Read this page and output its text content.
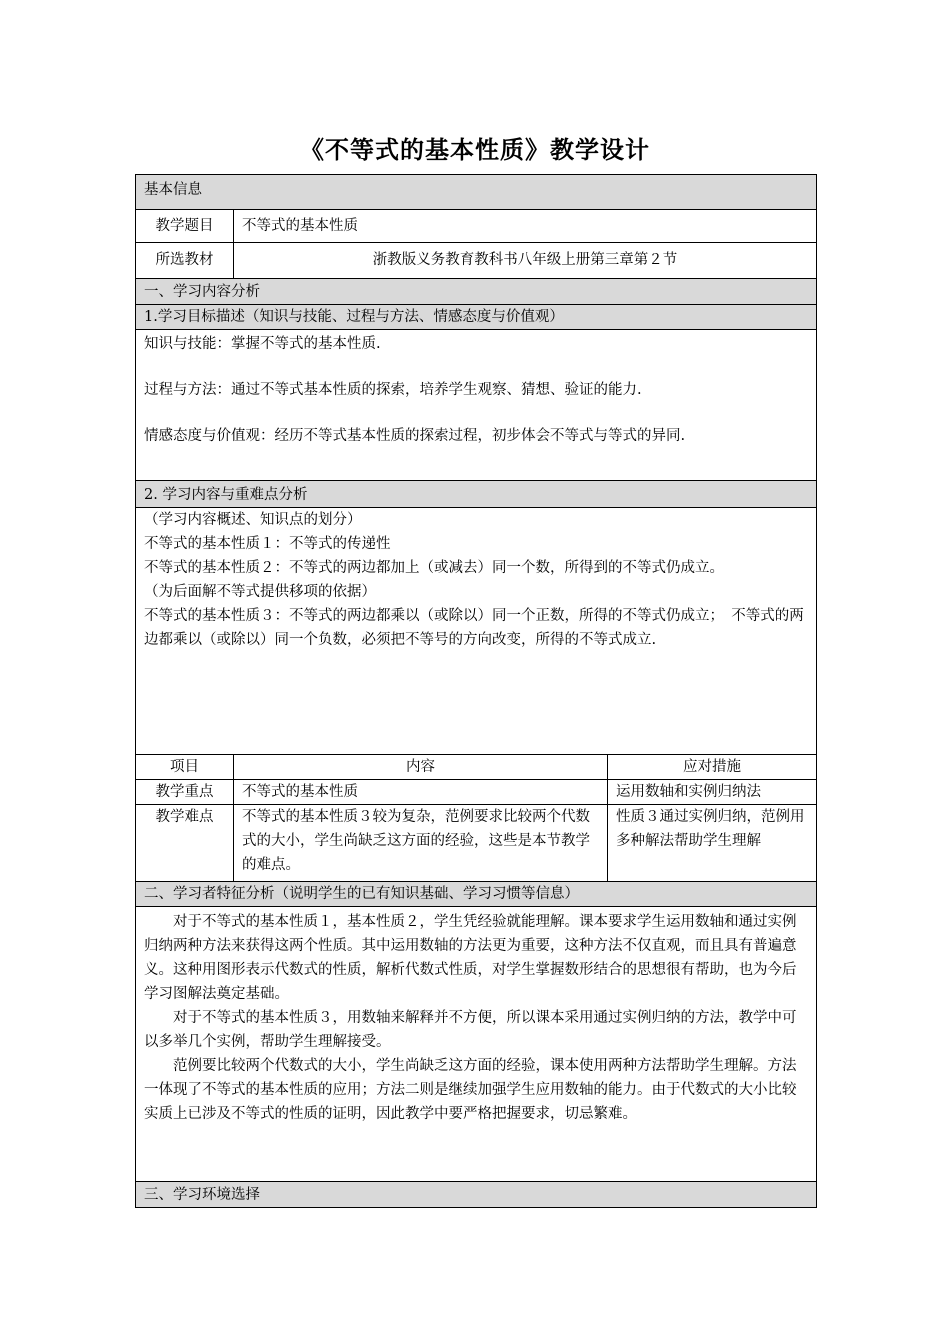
《不等式的基本性质》教学设计
基本信息		
教学题目	不等式的基本性质	
所选教材	浙教版义务教育教科书八年级上册第三章第２节	
一、学习内容分析		
1.学习目标描述（知识与技能、过程与方法、情感态度与价值观）		

知识与技能：掌握不等式的基本性质.

过程与方法：通过不等式基本性质的探索，培养学生观察、猜想、验证的能力.

情感态度与价值观：经历不等式基本性质的探索过程，初步体会不等式与等式的异同.		

2. 学习内容与重难点分析		

（学习内容概述、知识点的划分）

不等式的基本性质１：不等式的传递性

不等式的基本性质２：不等式的两边都加上（或减去）同一个数，所得到的不等式仍成立。

（为后面解不等式提供移项的依据）

不等式的基本性质３：不等式的两边都乘以（或除以）同一个正数，所得的不等式仍成立；　不等式的两边都乘以（或除以）同一个负数，必须把不等号的方向改变，所得的不等式成立.		

项目	内容	应对措施
教学重点	不等式的基本性质	运用数轴和实例归纳法
教学难点	不等式的基本性质３较为复杂，范例要求比较两个代数式的大小，学生尚缺乏这方面的经验，这些是本节教学的难点。	性质３通过实例归纳，范例用多种解法帮助学生理解
二、学习者特征分析（说明学生的已有知识基础、学习习惯等信息）		

对于不等式的基本性质１，基本性质２，学生凭经验就能理解。课本要求学生运用数轴和通过实例归纳两种方法来获得这两个性质。其中运用数轴的方法更为重要，这种方法不仅直观，而且具有普遍意义。这种用图形表示代数式的性质，解析代数式性质，对学生掌握数形结合的思想很有帮助，也为今后学习图解法奠定基础。

对于不等式的基本性质３，用数轴来解释并不方便，所以课本采用通过实例归纳的方法，教学中可以多举几个实例，帮助学生理解接受。

范例要比较两个代数式的大小，学生尚缺乏这方面的经验，课本使用两种方法帮助学生理解。方法一体现了不等式的基本性质的应用；方法二则是继续加强学生应用数轴的能力。由于代数式的大小比较实质上已涉及不等式的性质的证明，因此教学中要严格把握要求，切忌繁难。		

三、学习环境选择		
